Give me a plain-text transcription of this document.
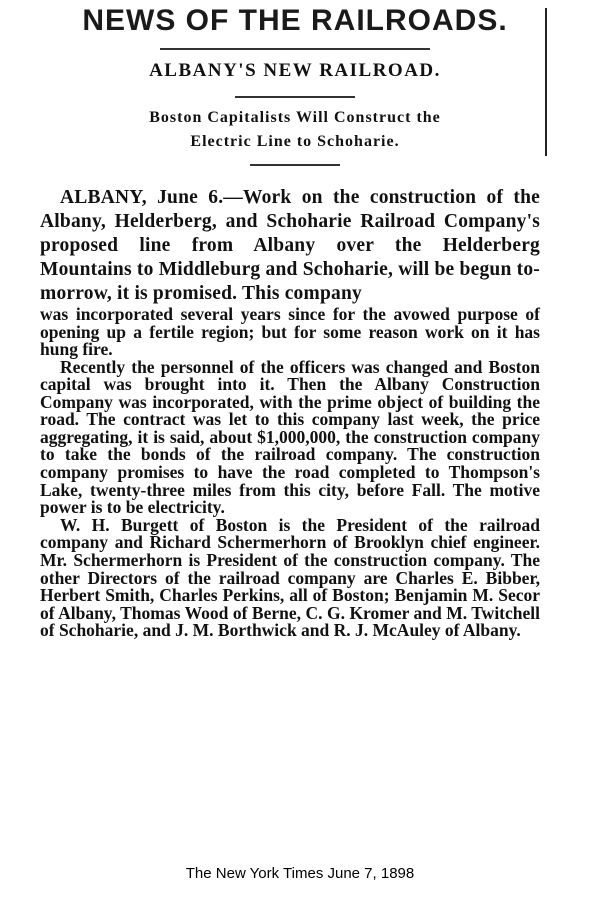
NEWS OF THE RAILROADS.
ALBANY'S NEW RAILROAD.
Boston Capitalists Will Construct the
Electric Line to Schoharie.

ALBANY, June 6.—Work on the construction of the Albany, Helderberg, and Schoharie Railroad Company's proposed line from Albany over the Helderberg Mountains to Middleburg and Schoharie, will be begun to-morrow, it is promised. This company

was incorporated several years since for the avowed purpose of opening up a fertile region; but for some reason work on it has hung fire.

Recently the personnel of the officers was changed and Boston capital was brought into it. Then the Albany Construction Company was incorporated, with the prime object of building the road. The contract was let to this company last week, the price aggregating, it is said, about $1,000,000, the construction company to take the bonds of the railroad company. The construction company promises to have the road completed to Thompson's Lake, twenty-three miles from this city, before Fall. The motive power is to be electricity.

W. H. Burgett of Boston is the President of the railroad company and Richard Schermerhorn of Brooklyn chief engineer. Mr. Schermerhorn is President of the construction company. The other Directors of the railroad company are Charles E. Bibber, Herbert Smith, Charles Perkins, all of Boston; Benjamin M. Secor of Albany, Thomas Wood of Berne, C. G. Kromer and M. Twitchell of Schoharie, and J. M. Borthwick and R. J. McAuley of Albany.

The New York Times June 7, 1898
